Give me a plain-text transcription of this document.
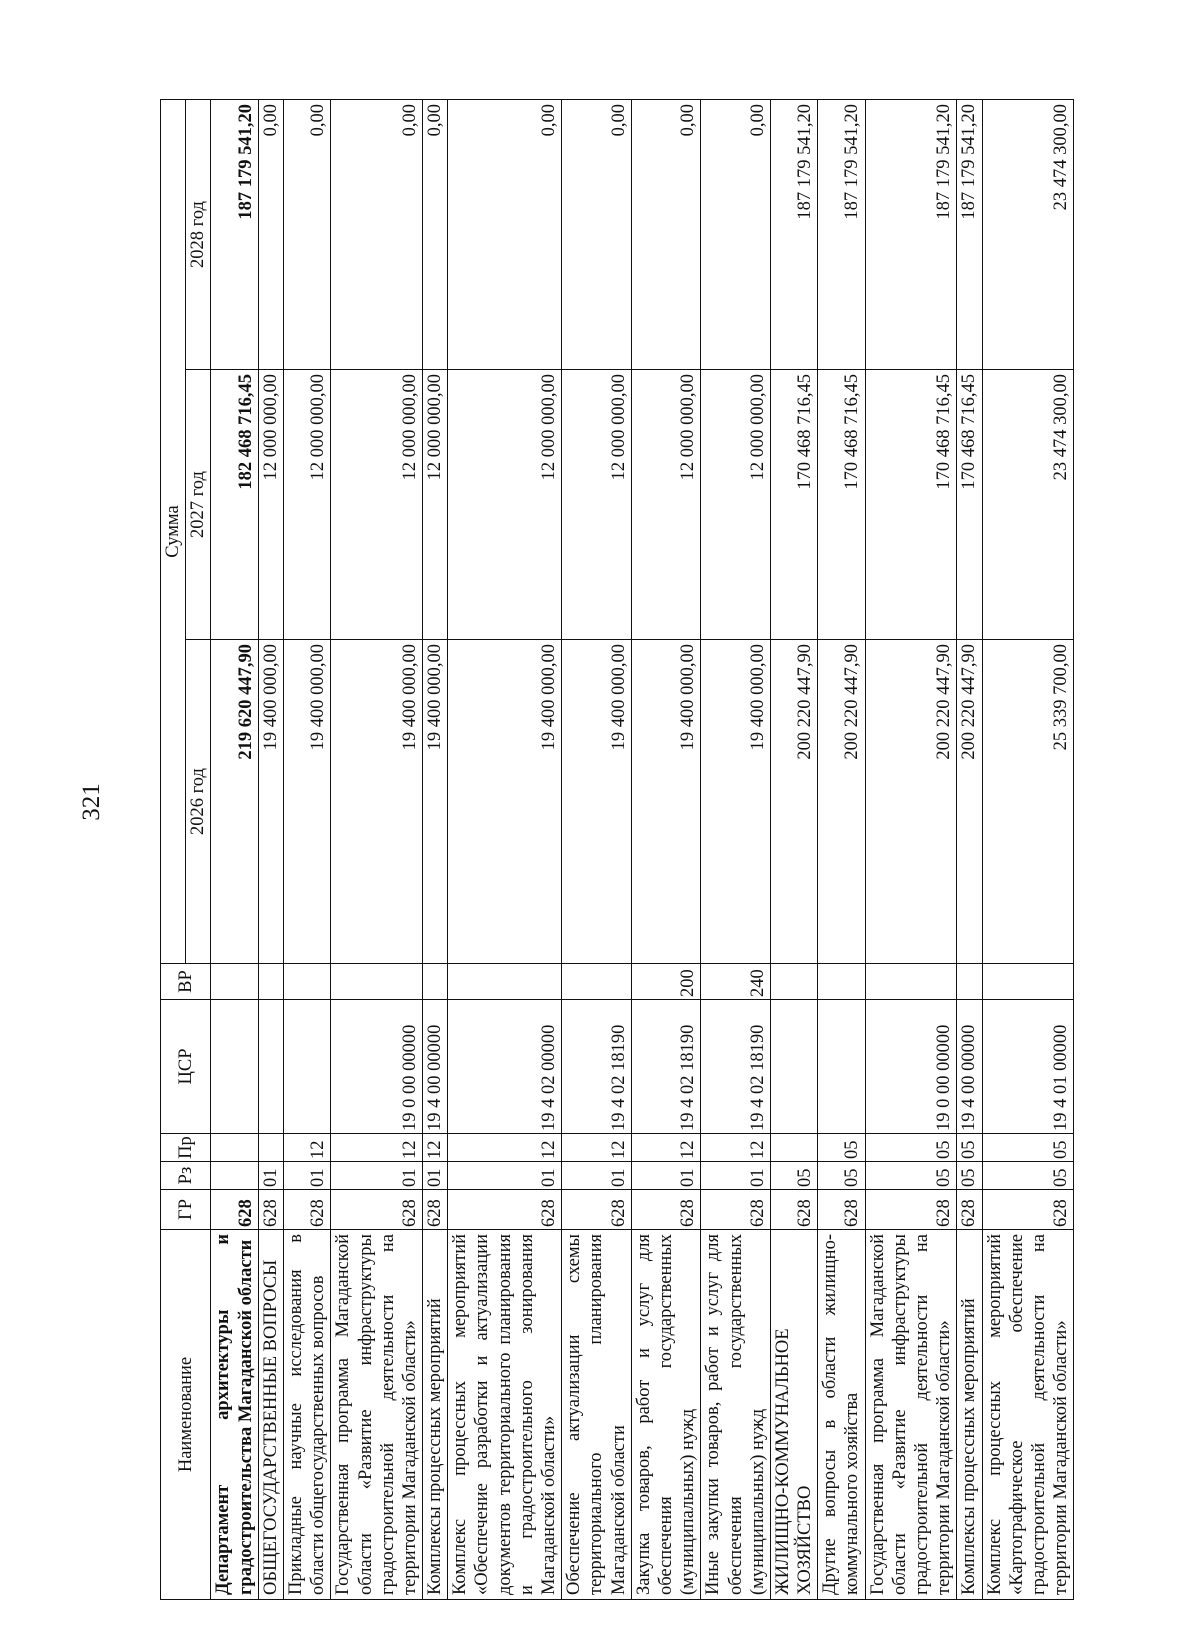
321
Наименование	ГР	Рз	Пр	ЦСР	ВР	Сумма		
						2026 год	2027 год	2028 год
Департамент архитектуры и градостроительства Магаданской области	628					219 620 447,90	182 468 716,45	187 179 541,20
ОБЩЕГОСУДАРСТВЕННЫЕ ВОПРОСЫ	628	01				19 400 000,00	12 000 000,00	0,00
Прикладные научные исследования в области общегосударственных вопросов	628	01	12			19 400 000,00	12 000 000,00	0,00
Государственная программа Магаданской области «Развитие инфраструктуры градостроительной деятельности на территории Магаданской области»	628	01	12	19 0 00 00000		19 400 000,00	12 000 000,00	0,00
Комплексы процессных мероприятий	628	01	12	19 4 00 00000		19 400 000,00	12 000 000,00	0,00
Комплекс процессных мероприятий «Обеспечение разработки и актуализации документов территориального планирования и градостроительного зонирования Магаданской области»	628	01	12	19 4 02 00000		19 400 000,00	12 000 000,00	0,00
Обеспечение актуализации схемы территориального планирования Магаданской области	628	01	12	19 4 02 18190		19 400 000,00	12 000 000,00	0,00
Закупка товаров, работ и услуг для обеспечения государственных (муниципальных) нужд	628	01	12	19 4 02 18190	200	19 400 000,00	12 000 000,00	0,00
Иные закупки товаров, работ и услуг для обеспечения государственных (муниципальных) нужд	628	01	12	19 4 02 18190	240	19 400 000,00	12 000 000,00	0,00
ЖИЛИЩНО-КОММУНАЛЬНОЕ ХОЗЯЙСТВО	628	05				200 220 447,90	170 468 716,45	187 179 541,20
Другие вопросы в области жилищно-коммунального хозяйства	628	05	05			200 220 447,90	170 468 716,45	187 179 541,20
Государственная программа Магаданской области «Развитие инфраструктуры градостроительной деятельности на территории Магаданской области»	628	05	05	19 0 00 00000		200 220 447,90	170 468 716,45	187 179 541,20
Комплексы процессных мероприятий	628	05	05	19 4 00 00000		200 220 447,90	170 468 716,45	187 179 541,20
Комплекс процессных мероприятий «Картографическое обеспечение градостроительной деятельности на территории Магаданской области»	628	05	05	19 4 01 00000		25 339 700,00	23 474 300,00	23 474 300,00
